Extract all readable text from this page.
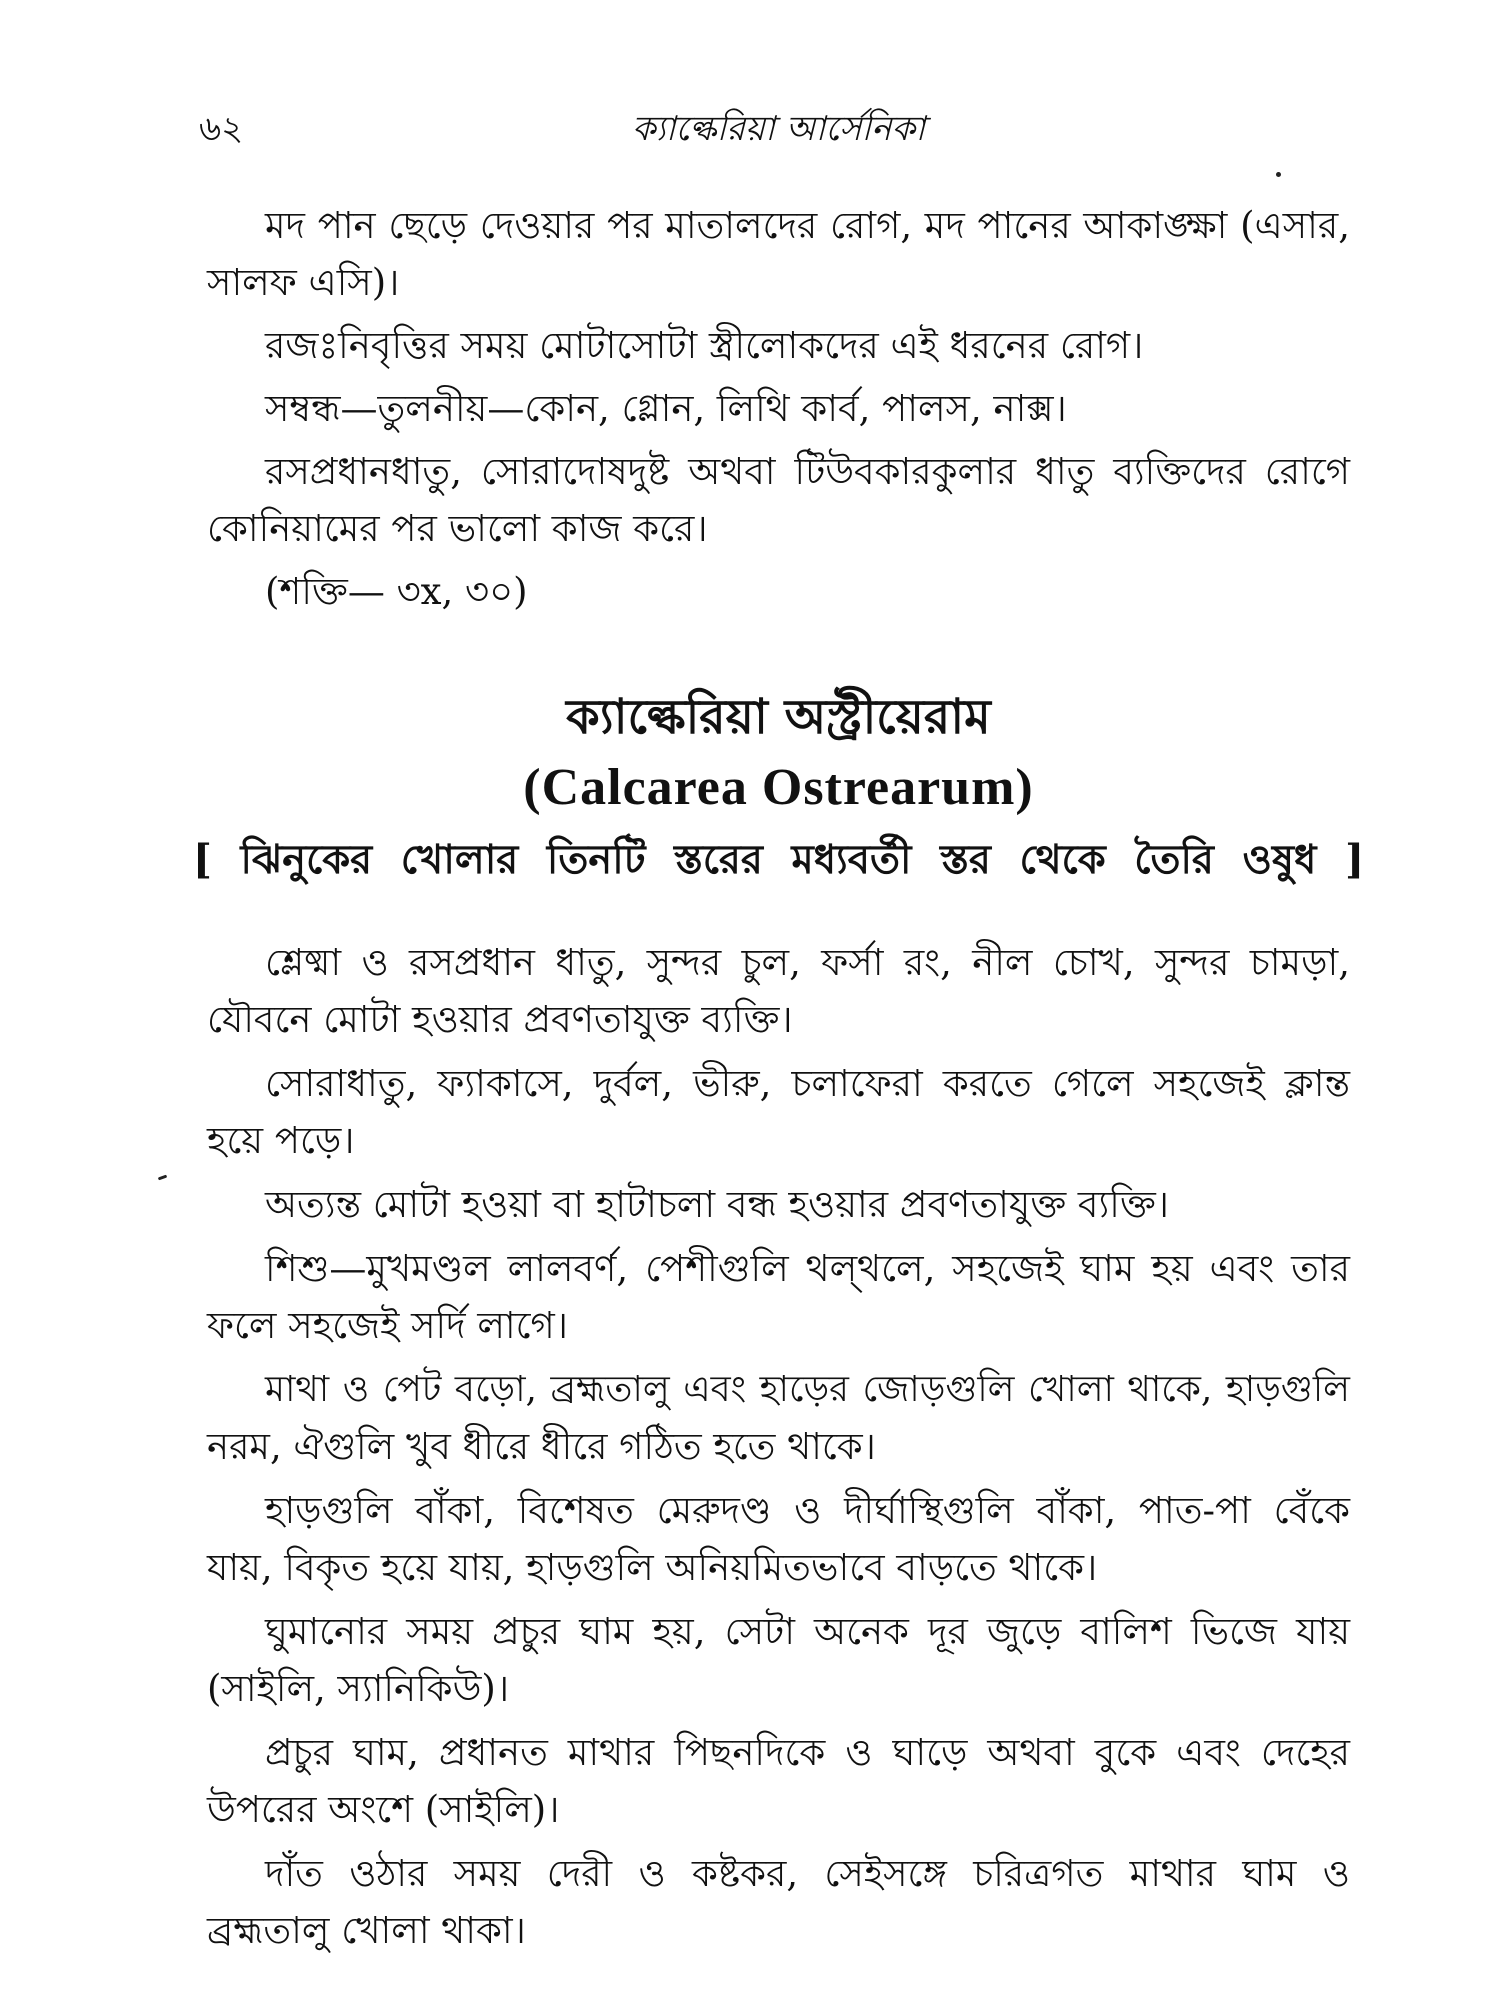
৬২	ক্যাল্কেরিয়া আর্সেনিকা
মদ পান ছেড়ে দেওয়ার পর মাতালদের রোগ, মদ পানের আকাঙ্ক্ষা (এসার,
সালফ এসি)।
রজঃনিবৃত্তির সময় মোটাসোটা স্ত্রীলোকদের এই ধরনের রোগ।
সম্বন্ধ—তুলনীয়—কোন, গ্লোন, লিথি কার্ব, পালস, নাক্স।
রসপ্রধানধাতু, সোরাদোষদুষ্ট অথবা টিউবকারকুলার ধাতু ব্যক্তিদের রোগে
কোনিয়ামের পর ভালো কাজ করে।
(শক্তি— ৩x, ৩০)
ক্যাল্কেরিয়া অস্ট্রীয়েরাম
(Calcarea Ostrearum)
[ ঝিনুকের খোলার তিনটি স্তরের মধ্যবর্তী স্তর থেকে তৈরি ওষুধ ]
শ্লেষ্মা ও রসপ্রধান ধাতু, সুন্দর চুল, ফর্সা রং, নীল চোখ, সুন্দর চামড়া,
যৌবনে মোটা হওয়ার প্রবণতাযুক্ত ব্যক্তি।
সোরাধাতু, ফ্যাকাসে, দুর্বল, ভীরু, চলাফেরা করতে গেলে সহজেই ক্লান্ত
হয়ে পড়ে।
অত্যন্ত মোটা হওয়া বা হাটাচলা বন্ধ হওয়ার প্রবণতাযুক্ত ব্যক্তি।
শিশু—মুখমণ্ডল লালবর্ণ, পেশীগুলি থল্‌থলে, সহজেই ঘাম হয় এবং তার
ফলে সহজেই সর্দি লাগে।
মাথা ও পেট বড়ো, ব্রহ্মতালু এবং হাড়ের জোড়গুলি খোলা থাকে, হাড়গুলি
নরম, ঐগুলি খুব ধীরে ধীরে গঠিত হতে থাকে।
হাড়গুলি বাঁকা, বিশেষত মেরুদণ্ড ও দীর্ঘাস্থিগুলি বাঁকা, পাত-পা বেঁকে
যায়, বিকৃত হয়ে যায়, হাড়গুলি অনিয়মিতভাবে বাড়তে থাকে।
ঘুমানোর সময় প্রচুর ঘাম হয়, সেটা অনেক দূর জুড়ে বালিশ ভিজে যায়
(সাইলি, স্যানিকিউ)।
প্রচুর ঘাম, প্রধানত মাথার পিছনদিকে ও ঘাড়ে অথবা বুকে এবং দেহের
উপরের অংশে (সাইলি)।
দাঁত ওঠার সময় দেরী ও কষ্টকর, সেইসঙ্গে চরিত্রগত মাথার ঘাম ও
ব্রহ্মতালু খোলা থাকা।
